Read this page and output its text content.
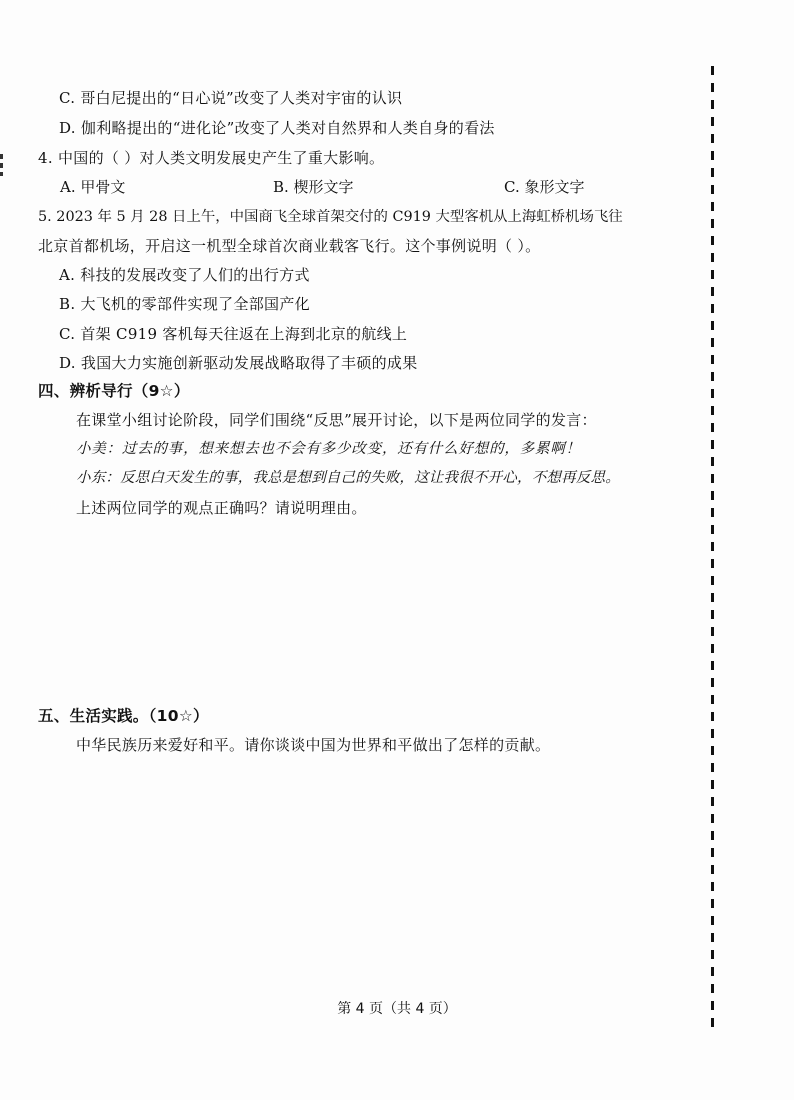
C. 哥白尼提出的“日心说”改变了人类对宇宙的认识
D. 伽利略提出的“进化论”改变了人类对自然界和人类自身的看法
4. 中国的（ ）对人类文明发展史产生了重大影响。
A. 甲骨文	B. 楔形文字	C. 象形文字
5. 2023 年 5 月 28 日上午，中国商飞全球首架交付的 C919 大型客机从上海虹桥机场飞往
北京首都机场，开启这一机型全球首次商业载客飞行。这个事例说明（ ）。
A. 科技的发展改变了人们的出行方式
B. 大飞机的零部件实现了全部国产化
C. 首架 C919 客机每天往返在上海到北京的航线上
D. 我国大力实施创新驱动发展战略取得了丰硕的成果
四、辨析导行（9☆）
在课堂小组讨论阶段，同学们围绕“反思”展开讨论，以下是两位同学的发言：
小美：过去的事，想来想去也不会有多少改变，还有什么好想的，多累啊！
小东：反思白天发生的事，我总是想到自己的失败，这让我很不开心，不想再反思。
上述两位同学的观点正确吗？请说明理由。
五、生活实践。（10☆）
中华民族历来爱好和平。请你谈谈中国为世界和平做出了怎样的贡献。
第 4 页（共 4 页）
